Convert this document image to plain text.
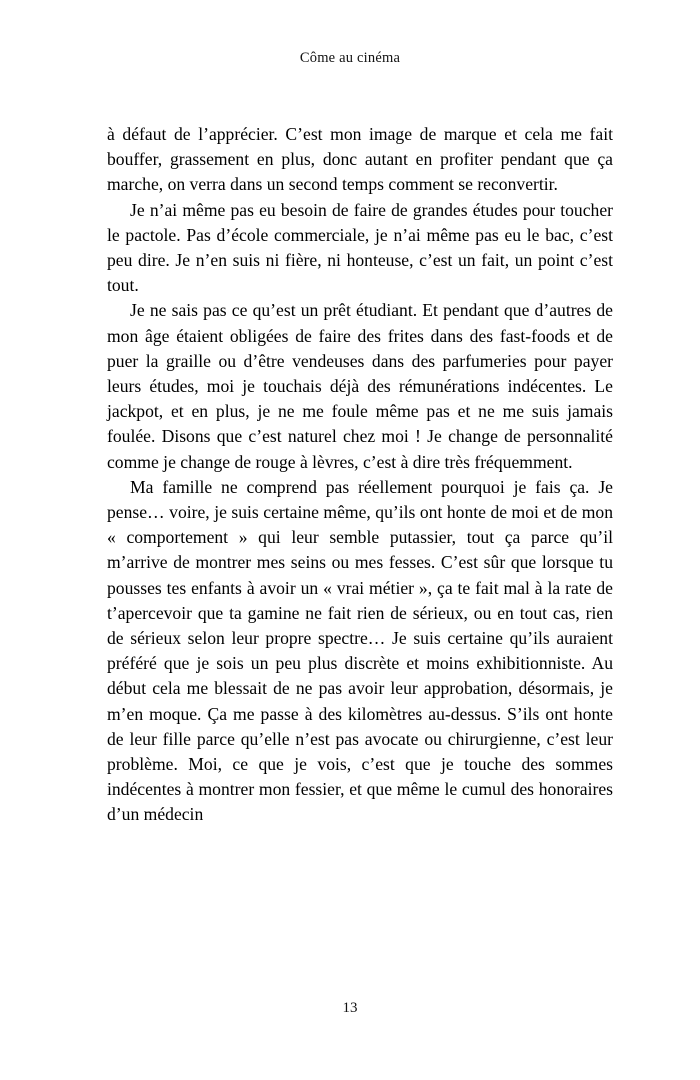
Côme au cinéma

à défaut de l’apprécier. C’est mon image de marque et cela me fait bouffer, grassement en plus, donc autant en profiter pendant que ça marche, on verra dans un second temps comment se reconvertir.

Je n’ai même pas eu besoin de faire de grandes études pour toucher le pactole. Pas d’école commerciale, je n’ai même pas eu le bac, c’est peu dire. Je n’en suis ni fière, ni honteuse, c’est un fait, un point c’est tout.

Je ne sais pas ce qu’est un prêt étudiant. Et pendant que d’autres de mon âge étaient obligées de faire des frites dans des fast-foods et de puer la graille ou d’être vendeuses dans des parfumeries pour payer leurs études, moi je touchais déjà des rémunérations indécentes. Le jackpot, et en plus, je ne me foule même pas et ne me suis jamais foulée. Disons que c’est naturel chez moi ! Je change de personnalité comme je change de rouge à lèvres, c’est à dire très fréquemment.

Ma famille ne comprend pas réellement pourquoi je fais ça. Je pense… voire, je suis certaine même, qu’ils ont honte de moi et de mon « comportement » qui leur semble putassier, tout ça parce qu’il m’arrive de montrer mes seins ou mes fesses. C’est sûr que lorsque tu pousses tes enfants à avoir un « vrai métier », ça te fait mal à la rate de t’apercevoir que ta gamine ne fait rien de sérieux, ou en tout cas, rien de sérieux selon leur propre spectre… Je suis certaine qu’ils auraient préféré que je sois un peu plus discrète et moins exhibitionniste. Au début cela me blessait de ne pas avoir leur approbation, désormais, je m’en moque. Ça me passe à des kilomètres au-dessus. S’ils ont honte de leur fille parce qu’elle n’est pas avocate ou chirurgienne, c’est leur problème. Moi, ce que je vois, c’est que je touche des sommes indécentes à montrer mon fessier, et que même le cumul des honoraires d’un médecin

13
